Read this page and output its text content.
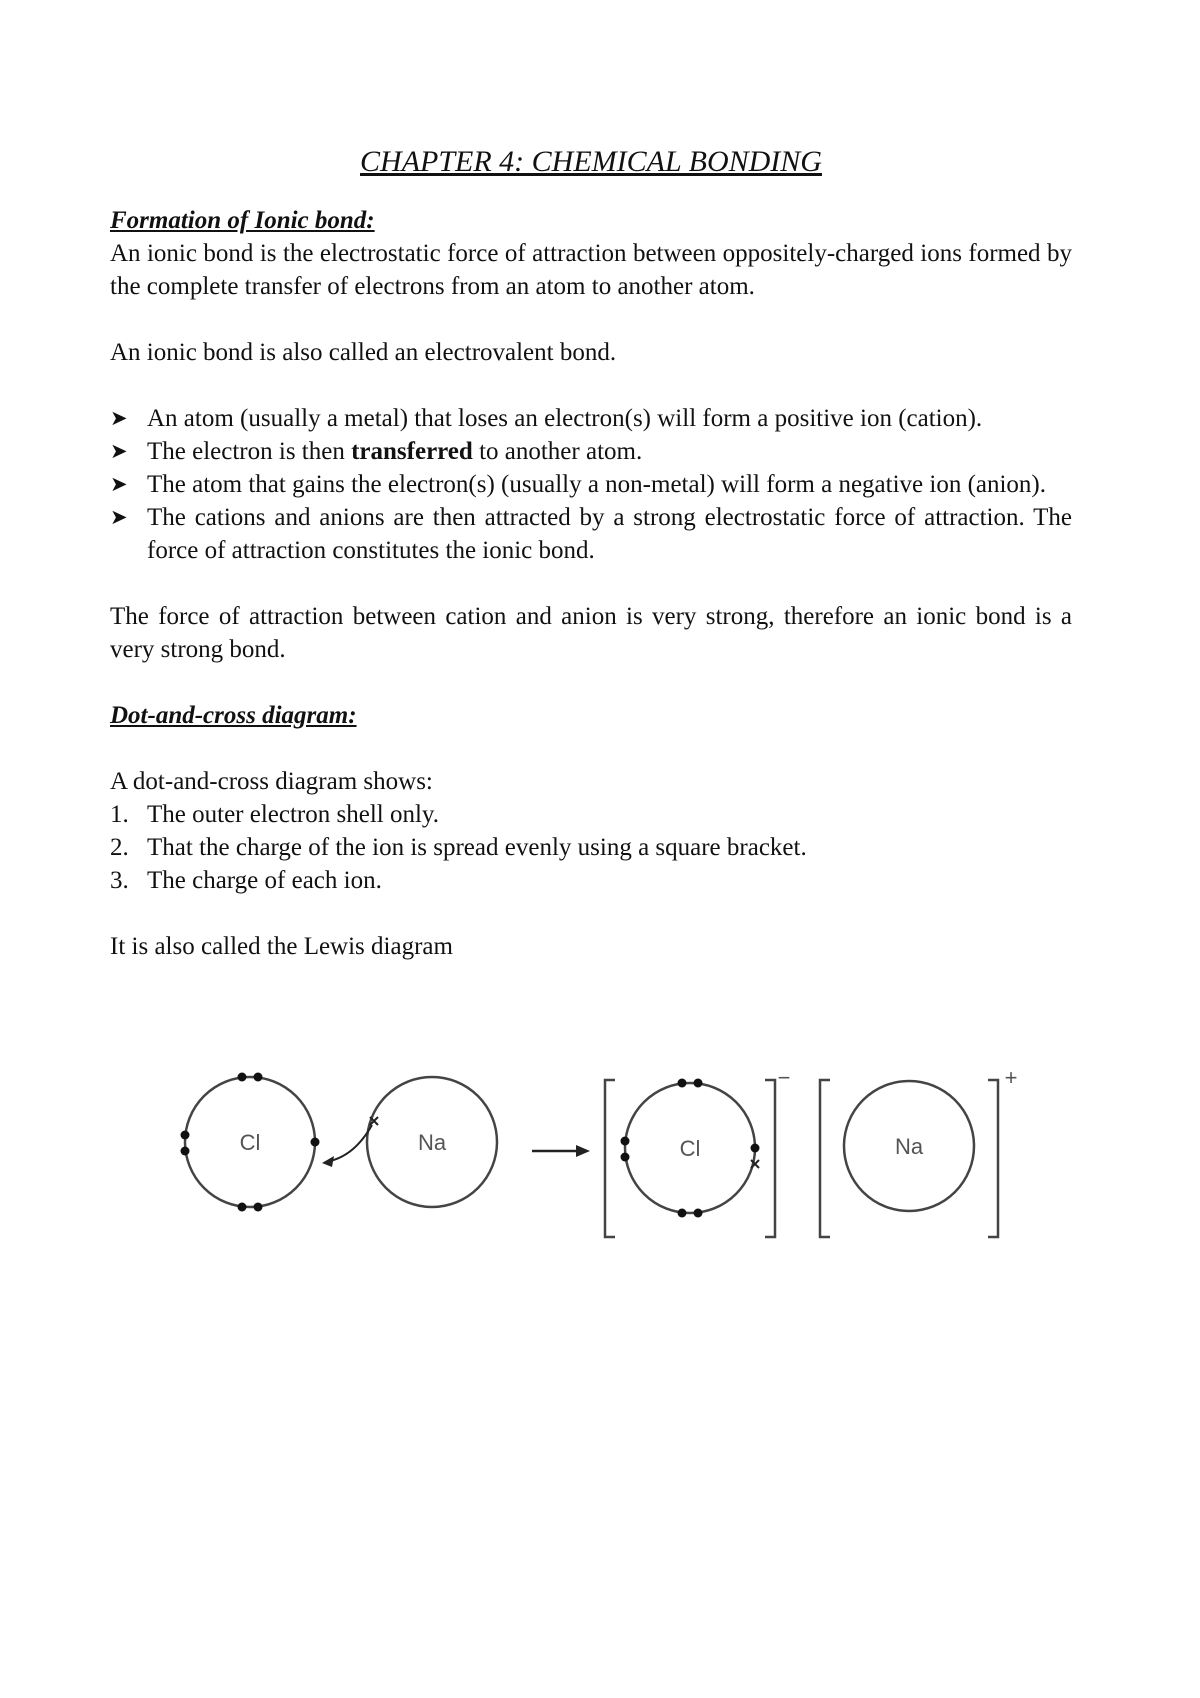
CHAPTER 4: CHEMICAL BONDING

Formation of Ionic bond:

An ionic bond is the electrostatic force of attraction between oppositely-charged ions formed by the complete transfer of electrons from an atom to another atom.

An ionic bond is also called an electrovalent bond.

➤ An atom (usually a metal) that loses an electron(s) will form a positive ion (cation).
➤ The electron is then transferred to another atom.
➤ The atom that gains the electron(s) (usually a non-metal) will form a negative ion (anion).
➤ The cations and anions are then attracted by a strong electrostatic force of attraction. The force of attraction constitutes the ionic bond.

The force of attraction between cation and anion is very strong, therefore an ionic bond is a very strong bond.

Dot-and-cross diagram:

A dot-and-cross diagram shows:

1. The outer electron shell only.
2. That the charge of the ion is spread evenly using a square bracket.
3. The charge of each ion.

It is also called the Lewis diagram

Cl	Na	Cl
−
Na
+
